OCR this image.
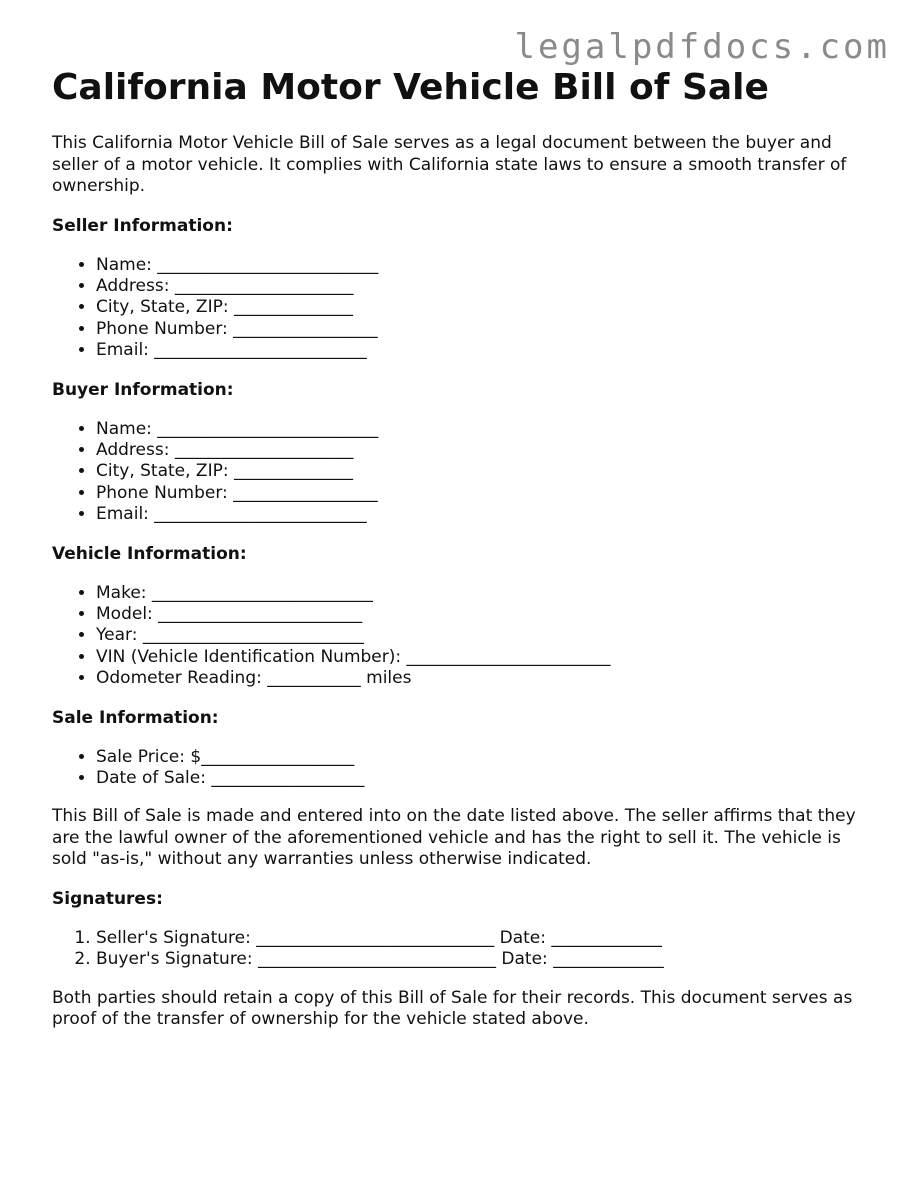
legalpdfdocs.com
California Motor Vehicle Bill of Sale

This California Motor Vehicle Bill of Sale serves as a legal document between the buyer and seller of a motor vehicle. It complies with California state laws to ensure a smooth transfer of ownership.

Seller Information:
• Name: __________________________
• Address: _____________________
• City, State, ZIP: ______________
• Phone Number: _________________
• Email: _________________________
Buyer Information:
• Name: __________________________
• Address: _____________________
• City, State, ZIP: ______________
• Phone Number: _________________
• Email: _________________________
Vehicle Information:
• Make: __________________________
• Model: ________________________
• Year: __________________________
• VIN (Vehicle Identification Number): ________________________
• Odometer Reading: ___________ miles
Sale Information:
• Sale Price: $__________________
• Date of Sale: __________________

This Bill of Sale is made and entered into on the date listed above. The seller affirms that they are the lawful owner of the aforementioned vehicle and has the right to sell it. The vehicle is sold "as-is," without any warranties unless otherwise indicated.

Signatures:
1. Seller's Signature: ____________________________ Date: _____________
2. Buyer's Signature: ____________________________ Date: _____________

Both parties should retain a copy of this Bill of Sale for their records. This document serves as proof of the transfer of ownership for the vehicle stated above.
